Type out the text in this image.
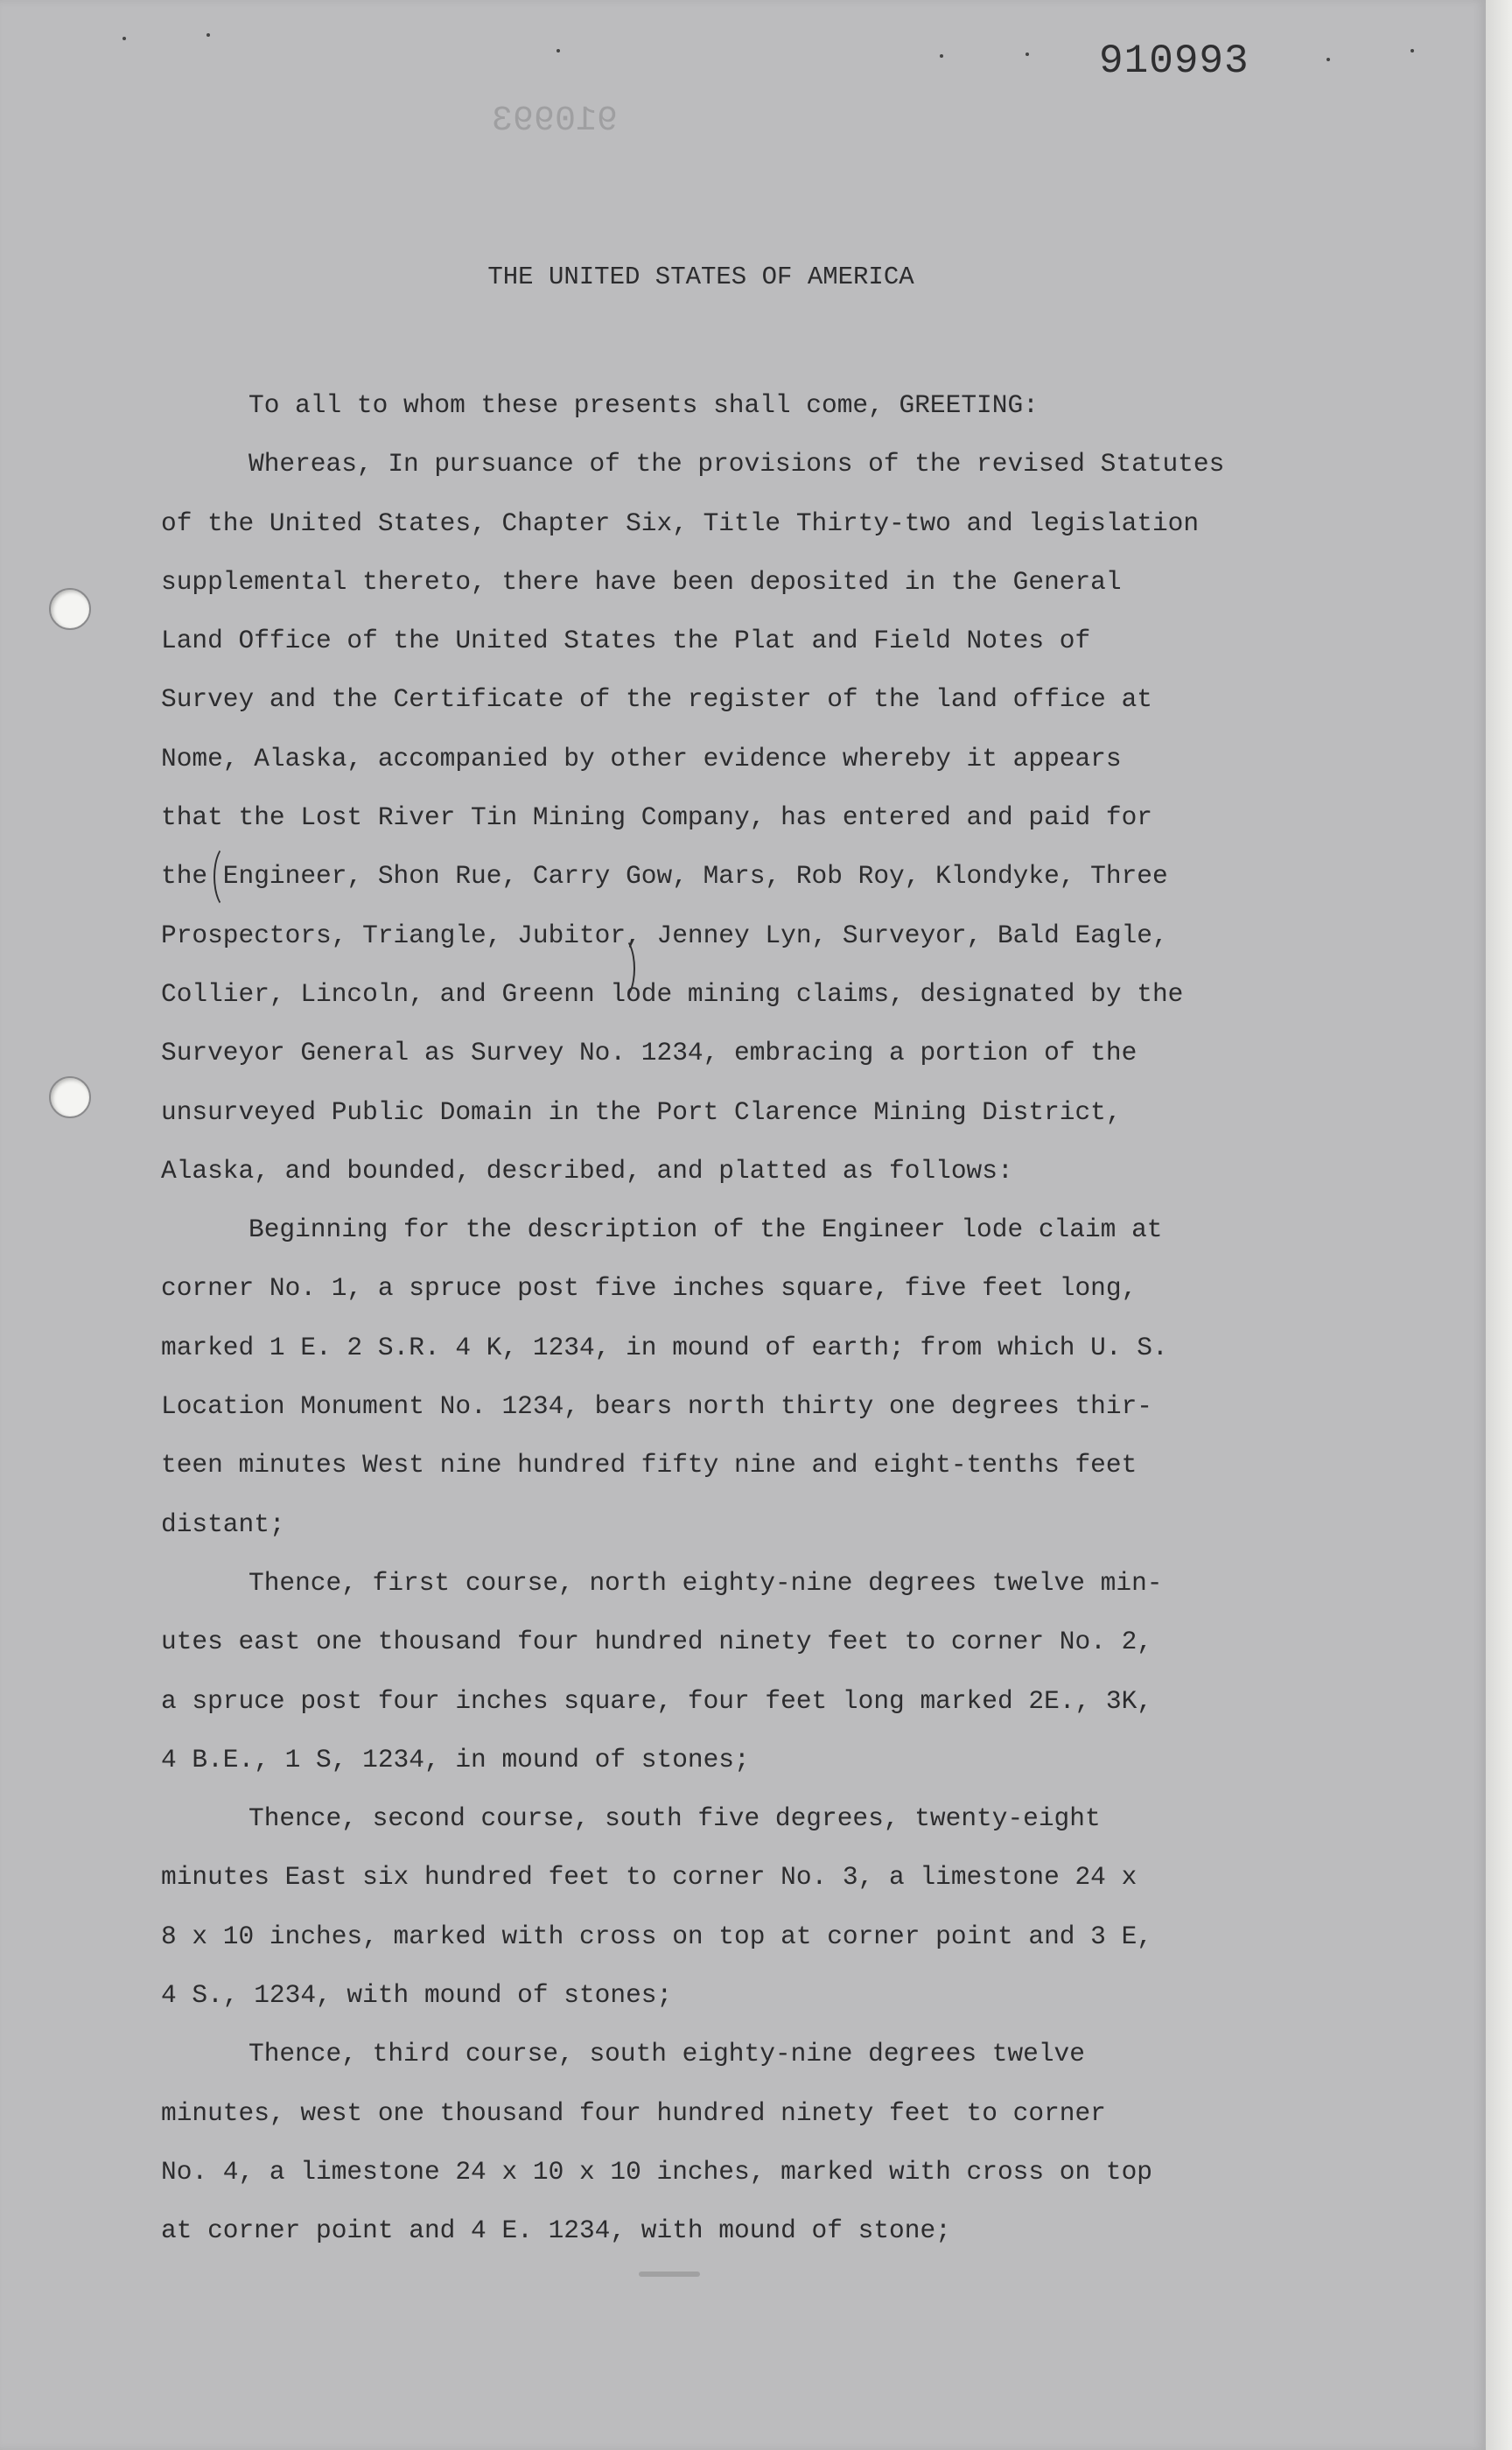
910993
910993
THE UNITED STATES OF AMERICA
To all to whom these presents shall come, GREETING:
Whereas, In pursuance of the provisions of the revised Statutes
of the United States, Chapter Six, Title Thirty-two and legislation
supplemental thereto, there have been deposited in the General
Land Office of the United States the Plat and Field Notes of
Survey and the Certificate of the register of the land office at
Nome, Alaska, accompanied by other evidence whereby it appears
that the Lost River Tin Mining Company, has entered and paid for
the Engineer, Shon Rue, Carry Gow, Mars, Rob Roy, Klondyke, Three
Prospectors, Triangle, Jubitor, Jenney Lyn, Surveyor, Bald Eagle,
Collier, Lincoln, and Greenn lode mining claims, designated by the
Surveyor General as Survey No. 1234, embracing a portion of the
unsurveyed Public Domain in the Port Clarence Mining District,
Alaska, and bounded, described, and platted as follows:
Beginning for the description of the Engineer lode claim at
corner No. 1, a spruce post five inches square, five feet long,
marked 1 E. 2 S.R. 4 K, 1234, in mound of earth; from which U. S.
Location Monument No. 1234, bears north thirty one degrees thir-
teen minutes West nine hundred fifty nine and eight-tenths feet
distant;
Thence, first course, north eighty-nine degrees twelve min-
utes east one thousand four hundred ninety feet to corner No. 2,
a spruce post four inches square, four feet long marked 2E., 3K,
4 B.E., 1 S, 1234, in mound of stones;
Thence, second course, south five degrees, twenty-eight
minutes East six hundred feet to corner No. 3, a limestone 24 x
8 x 10 inches, marked with cross on top at corner point and 3 E,
4 S., 1234, with mound of stones;
Thence, third course, south eighty-nine degrees twelve
minutes, west one thousand four hundred ninety feet to corner
No. 4, a limestone 24 x 10 x 10 inches, marked with cross on top
at corner point and 4 E. 1234, with mound of stone;
